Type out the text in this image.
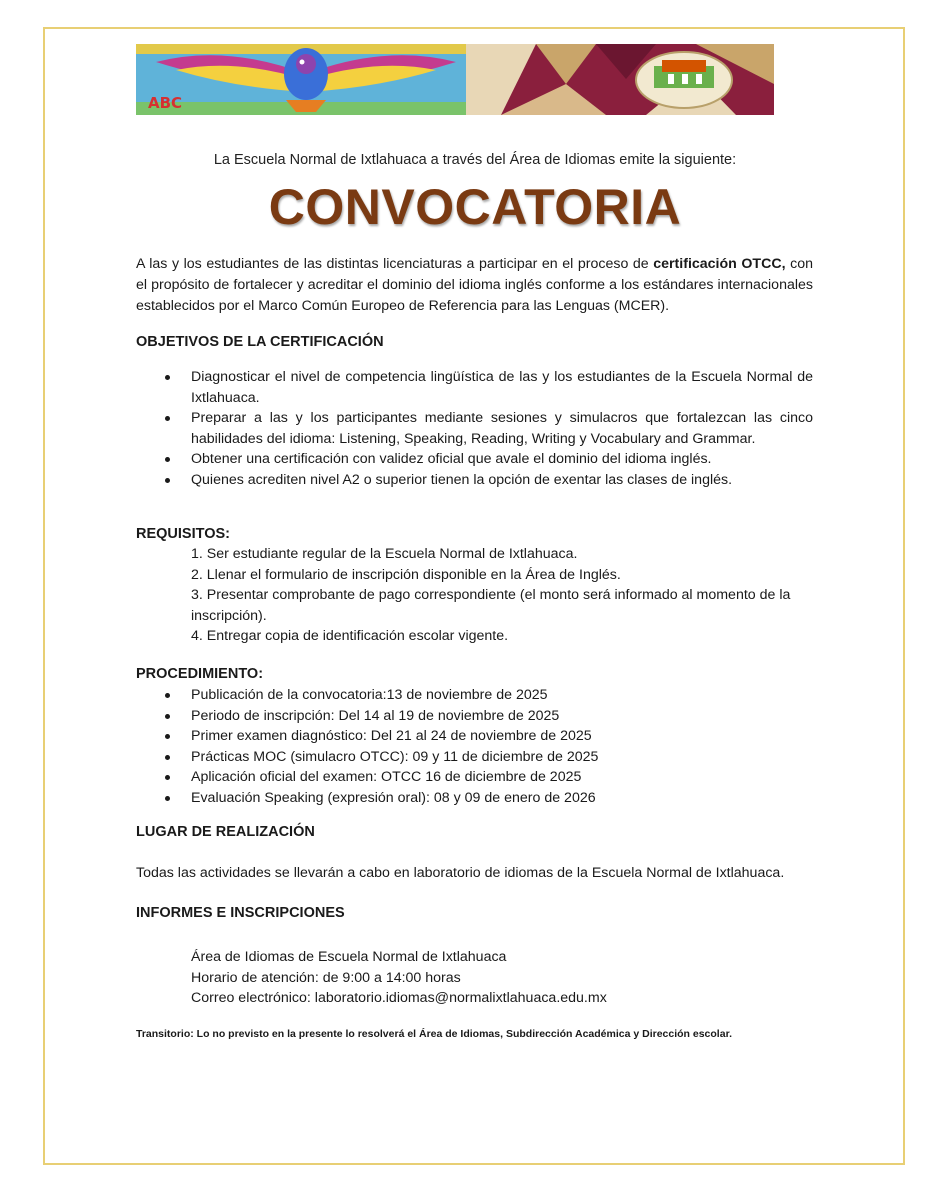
ABC
La Escuela Normal de Ixtlahuaca a través del Área de Idiomas emite la siguiente:
CONVOCATORIA
A las y los estudiantes de las distintas licenciaturas a participar en el proceso de certificación OTCC, con el propósito de fortalecer y acreditar el dominio del idioma inglés conforme a los estándares internacionales establecidos por el Marco Común Europeo de Referencia para las Lenguas (MCER).
OBJETIVOS DE LA CERTIFICACIÓN
Diagnosticar el nivel de competencia lingüística de las y los estudiantes de la Escuela Normal de Ixtlahuaca.
Preparar a las y los participantes mediante sesiones y simulacros que fortalezcan las cinco habilidades del idioma: Listening, Speaking, Reading, Writing y Vocabulary and Grammar.
Obtener una certificación con validez oficial que avale el dominio del idioma inglés.
Quienes acrediten nivel A2 o superior tienen la opción de exentar las clases de inglés.
REQUISITOS:
1. Ser estudiante regular de la Escuela Normal de Ixtlahuaca.
2. Llenar el formulario de inscripción disponible en la Área de Inglés.
3. Presentar comprobante de pago correspondiente (el monto será informado al momento de la inscripción).
4. Entregar copia de identificación escolar vigente.
PROCEDIMIENTO:
Publicación de la convocatoria:13 de noviembre de 2025
Periodo de inscripción: Del 14 al 19 de noviembre de 2025
Primer examen diagnóstico: Del 21 al 24 de noviembre de 2025
Prácticas MOC (simulacro OTCC): 09 y 11 de diciembre de 2025
Aplicación oficial del examen: OTCC 16 de diciembre de 2025
Evaluación Speaking (expresión oral): 08 y 09 de enero de 2026
LUGAR DE REALIZACIÓN
Todas las actividades se llevarán a cabo en laboratorio de idiomas de la Escuela Normal de Ixtlahuaca.
INFORMES E INSCRIPCIONES
Área de Idiomas de Escuela Normal de Ixtlahuaca
Horario de atención: de 9:00 a 14:00 horas
Correo electrónico: laboratorio.idiomas@normalixtlahuaca.edu.mx
Transitorio: Lo no previsto en la presente lo resolverá el Área de Idiomas, Subdirección Académica y Dirección escolar.
